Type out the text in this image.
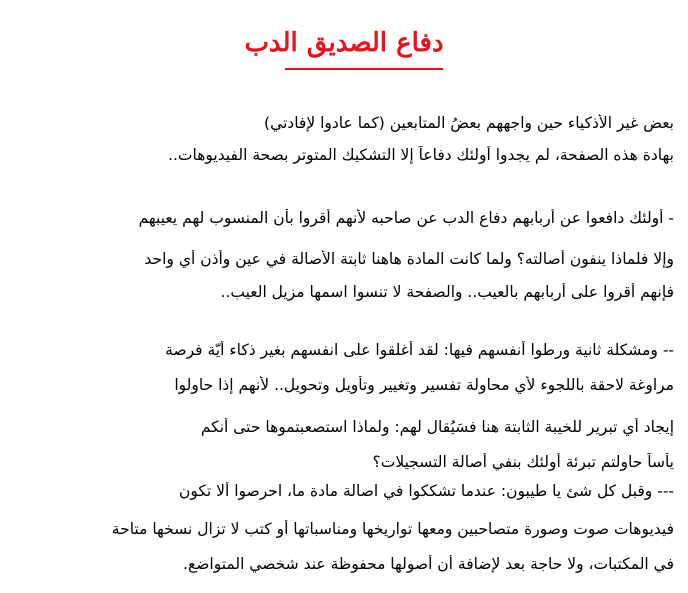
دفاع الصديق الدب
بعض غير الأذكياء حين واجههم بعضُ المتابعين (كما عادوا لإفادتي)
بهادة هذه الصفحة، لم يجدوا أولئك دفاعاً إلا التشكيك المتوتر بصحة الفيديوهات..
- أولئك دافعوا عن أربابهم دفاع الدب عن صاحبه لأنهم أقروا بأن المنسوب لهم يعيبهم
وإلا فلماذا ينفون أصالته؟ ولما كانت المادة هاهنا ثابتة الأصالة في عين وأذن أي واحد
فإنهم أقروا على أربابهم بالعيب.. والصفحة لا تنسوا اسمها مزيل العيب..
-- ومشكلة ثانية ورطوا أنفسهم فيها: لقد أغلقوا على انفسهم بغير ذكاء أيّة فرصة
مراوغة لاحقة باللجوء لأي محاولة تفسير وتغيير وتأويل وتحويل.. لأنهم إذا حاولوا
إيجاد أي تبرير للخيبة الثابتة هنا فسَيُقال لهم: ولماذا استصعبتموها حتى أنكم
يأساً حاولتم تبرئة أولئك بنفي أصالة التسجيلات؟
--- وقبل كل شئ يا طيبون: عندما تشككوا في اصالة مادة ما، احرصوا ألا تكون
فيديوهات صوت وصورة متصاحبين ومعها تواريخها ومناسباتها أو كتب لا تزال نسخها متاحة
في المكتبات، ولا حاجة بعد لإضافة أن أصولها محفوظة عند شخصي المتواضع.
